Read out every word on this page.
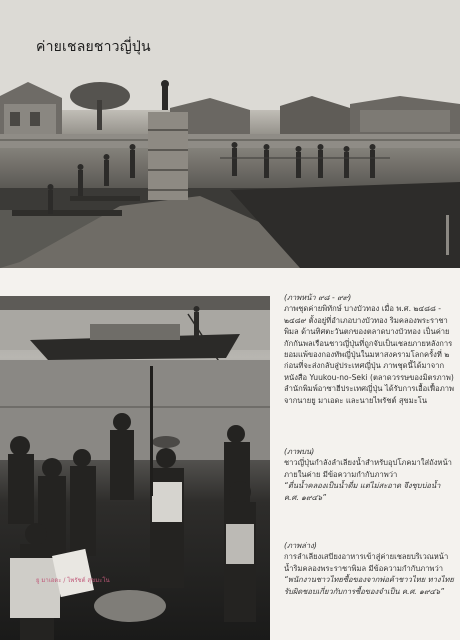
ค่ายเชลยชาวญี่ปุ่น
ยู มาเอดะ / ไพรัชต์ สุขมะโน
(ภาพหน้า ๙๘ - ๙๙)
ภาพชุดค่ายพิทักษ์ บางบัวทอง เมื่อ พ.ศ. ๒๔๘๘ - ๒๔๘๙ ตั้งอยู่ที่อำเภอบางบัวทอง ริมคลองพระราชาพิมล ด้านทิศตะวันตกของตลาดบางบัวทอง เป็นค่ายกักกันพลเรือนชาวญี่ปุ่นที่ถูกจับเป็นเชลยภายหลังการยอมแพ้ของกองทัพญี่ปุ่นในมหาสงครามโลกครั้งที่ ๒ ก่อนที่จะส่งกลับสู่ประเทศญี่ปุ่น ภาพชุดนี้ได้มาจากหนังสือ Yuukou-no-Seki (ตลาดวรรษของมิตรภาพ) ลำนักพิมพ์อาซาฮีประเทศญี่ปุ่น ได้รับการเอื้อเฟื้อภาพจากนายยู มาเอดะ และนายไพรัชต์ สุขมะโน
(ภาพบน)
ชาวญี่ปุ่นกำลังลำเลียงน้ำสำหรับอุปโภคมาใส่ถังหน้าภายในค่าย มีข้อความกำกับภาพว่า
“ตื่นน้ำคลองเป็นน้ำดื่ม แต่ไม่สะอาด จึงชุบบ่อน้ำ ค.ศ. ๑๙๔๖”
(ภาพล่าง)
การลำเลียงเสบียงอาหารเข้าสู่ค่ายเชลยบริเวณหน้าน้ำริมคลองพระราชาพิมล มีข้อความกำกับภาพว่า
“พนักงานชาวไทยซื้อของจากพ่อค้าชาวไทย ทางไทยรับผิดชอบเกี่ยวกับการซื้อของจำเป็น ค.ศ. ๑๙๔๖”
